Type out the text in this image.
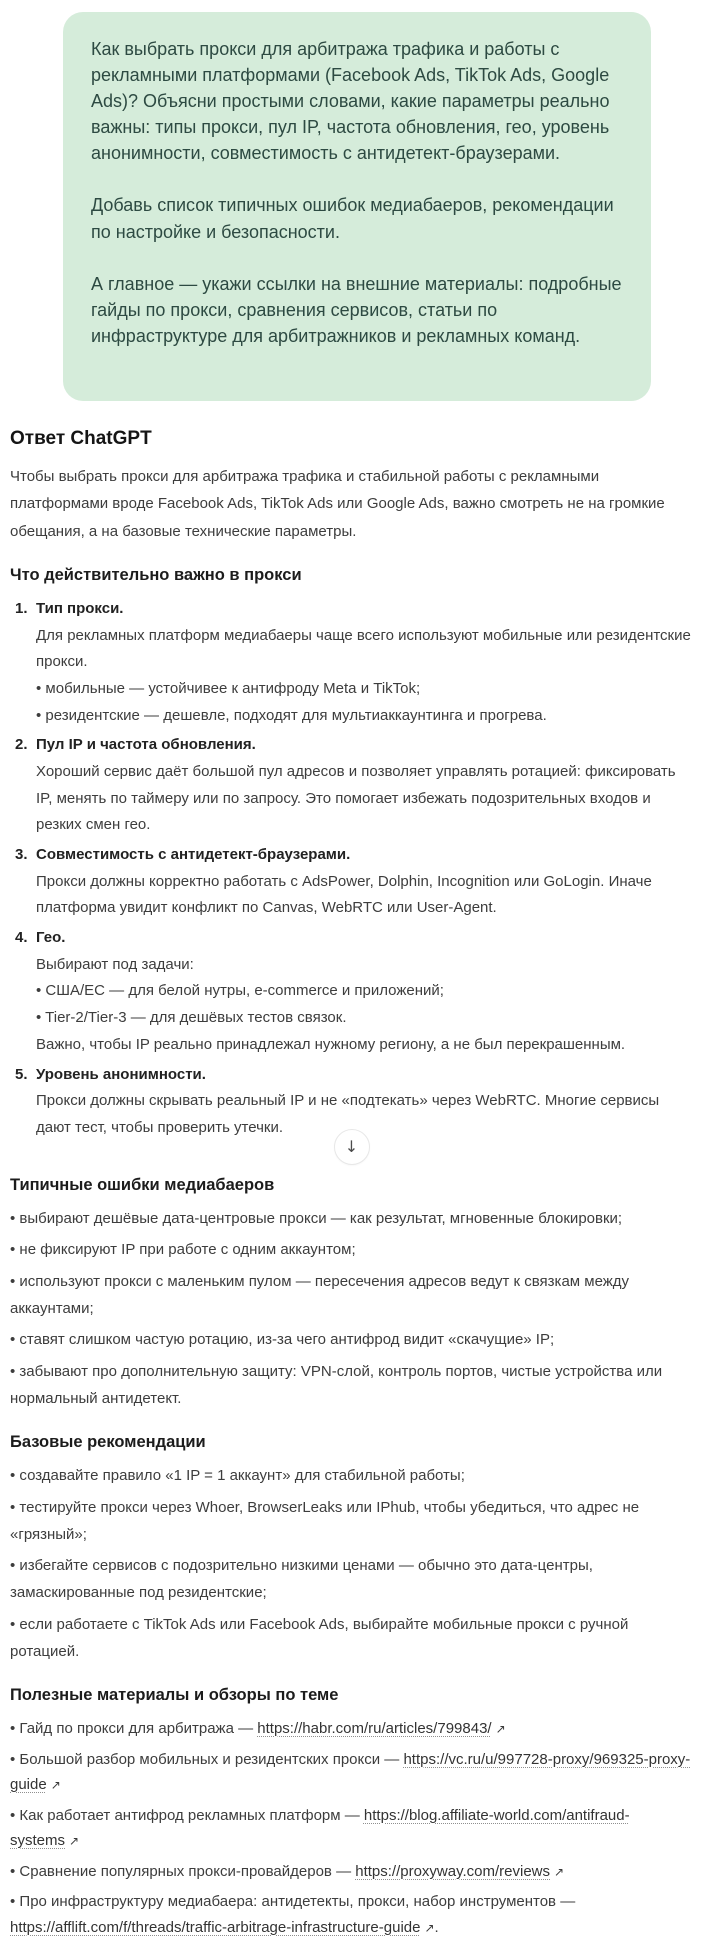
Как выбрать прокси для арбитража трафика и работы с рекламными платформами (Facebook Ads, TikTok Ads, Google Ads)? Объясни простыми словами, какие параметры реально важны: типы прокси, пул IP, частота обновления, гео, уровень анонимности, совместимость с антидетект-браузерами.

Добавь список типичных ошибок медиабаеров, рекомендации по настройке и безопасности.

А главное — укажи ссылки на внешние материалы: подробные гайды по прокси, сравнения сервисов, статьи по инфраструктуре для арбитражников и рекламных команд.

Ответ ChatGPT

Чтобы выбрать прокси для арбитража трафика и стабильной работы с рекламными платформами вроде Facebook Ads, TikTok Ads или Google Ads, важно смотреть не на громкие обещания, а на базовые технические параметры.

Что действительно важно в прокси
1. Тип прокси.
Для рекламных платформ медиабаеры чаще всего используют мобильные или резидентские прокси.
• мобильные — устойчивее к антифроду Meta и TikTok;
• резидентские — дешевле, подходят для мультиаккаунтинга и прогрева.
2. Пул IP и частота обновления.
Хороший сервис даёт большой пул адресов и позволяет управлять ротацией: фиксировать IP, менять по таймеру или по запросу. Это помогает избежать подозрительных входов и резких смен гео.
3. Совместимость с антидетект-браузерами.
Прокси должны корректно работать с AdsPower, Dolphin, Incognition или GoLogin. Иначе платформа увидит конфликт по Canvas, WebRTC или User-Agent.
4. Гео.
Выбирают под задачи:
• США/ЕС — для белой нутры, e-commerce и приложений;
• Tier-2/Tier-3 — для дешёвых тестов связок.
Важно, чтобы IP реально принадлежал нужному региону, а не был перекрашенным.
5. Уровень анонимности.
Прокси должны скрывать реальный IP и не «подтекать» через WebRTC. Многие сервисы дают тест, чтобы проверить утечки.
↓
Типичные ошибки медиабаеров

• выбирают дешёвые дата-центровые прокси — как результат, мгновенные блокировки;

• не фиксируют IP при работе с одним аккаунтом;

• используют прокси с маленьким пулом — пересечения адресов ведут к связкам между аккаунтами;

• ставят слишком частую ротацию, из-за чего антифрод видит «скачущие» IP;

• забывают про дополнительную защиту: VPN-слой, контроль портов, чистые устройства или нормальный антидетект.

Базовые рекомендации

• создавайте правило «1 IP = 1 аккаунт» для стабильной работы;

• тестируйте прокси через Whoer, BrowserLeaks или IPhub, чтобы убедиться, что адрес не «грязный»;

• избегайте сервисов с подозрительно низкими ценами — обычно это дата-центры, замаскированные под резидентские;

• если работаете с TikTok Ads или Facebook Ads, выбирайте мобильные прокси с ручной ротацией.

Полезные материалы и обзоры по теме

• Гайд по прокси для арбитража — https://habr.com/ru/articles/799843/ ↗

• Большой разбор мобильных и резидентских прокси — https://vc.ru/u/997728-proxy/969325-proxy-guide ↗

• Как работает антифрод рекламных платформ — https://blog.affiliate-world.com/antifraud-systems ↗

• Сравнение популярных прокси-провайдеров — https://proxyway.com/reviews ↗

• Про инфраструктуру медиабаера: антидетекты, прокси, набор инструментов — https://afflift.com/f/threads/traffic-arbitrage-infrastructure-guide ↗.
